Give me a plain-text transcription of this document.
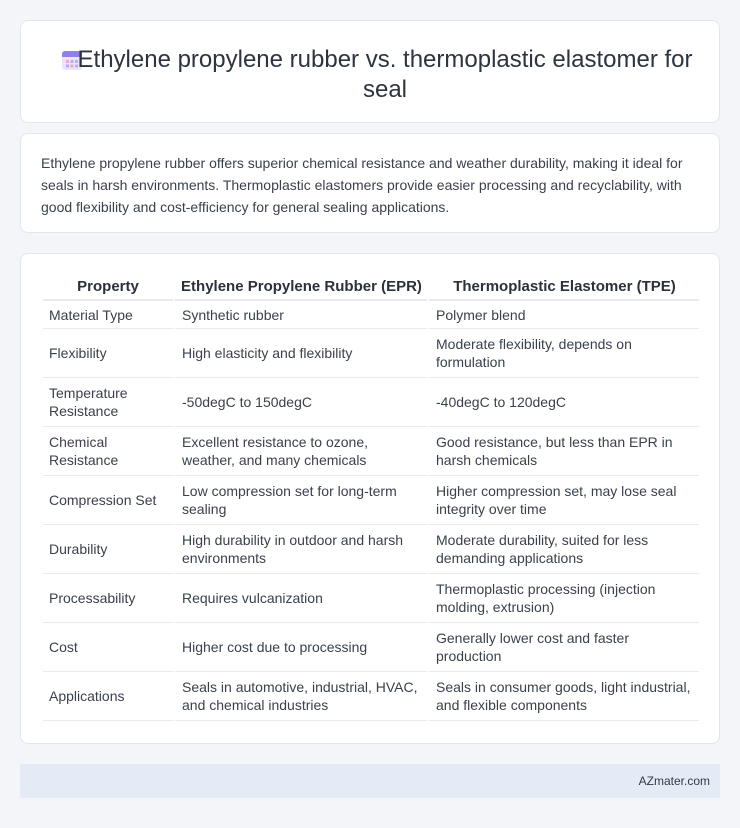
Ethylene propylene rubber vs. thermoplastic elastomer for seal

Ethylene propylene rubber offers superior chemical resistance and weather durability, making it ideal for seals in harsh environments. Thermoplastic elastomers provide easier processing and recyclability, with good flexibility and cost-efficiency for general sealing applications.

Property	Ethylene Propylene Rubber (EPR)	Thermoplastic Elastomer (TPE)
Material Type	Synthetic rubber	Polymer blend
Flexibility	High elasticity and flexibility	Moderate flexibility, depends on formulation
Temperature Resistance	-50degC to 150degC	-40degC to 120degC
Chemical Resistance	Excellent resistance to ozone, weather, and many chemicals	Good resistance, but less than EPR in harsh chemicals
Compression Set	Low compression set for long-term sealing	Higher compression set, may lose seal integrity over time
Durability	High durability in outdoor and harsh environments	Moderate durability, suited for less demanding applications
Processability	Requires vulcanization	Thermoplastic processing (injection molding, extrusion)
Cost	Higher cost due to processing	Generally lower cost and faster production
Applications	Seals in automotive, industrial, HVAC, and chemical industries	Seals in consumer goods, light industrial, and flexible components
AZmater.com
